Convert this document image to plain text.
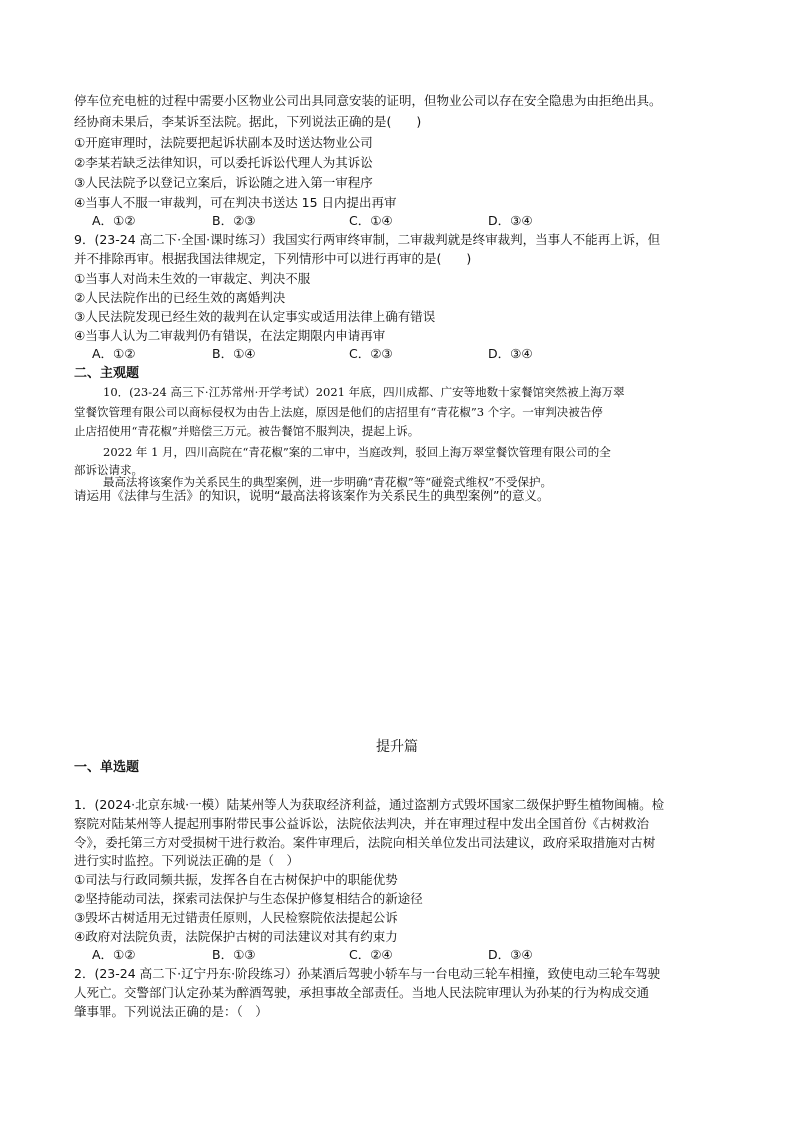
停车位充电桩的过程中需要小区物业公司出具同意安装的证明，但物业公司以存在安全隐患为由拒绝出具。
经协商未果后，李某诉至法院。据此，下列说法正确的是(　　)
①开庭审理时，法院要把起诉状副本及时送达物业公司
②李某若缺乏法律知识，可以委托诉讼代理人为其诉讼
③人民法院予以登记立案后，诉讼随之进入第一审程序
④当事人不服一审裁判，可在判决书送达 15 日内提出再审
A．①②	B．②③	C．①④	D．③④
9．(23-24 高二下·全国·课时练习）我国实行两审终审制，二审裁判就是终审裁判，当事人不能再上诉，但
并不排除再审。根据我国法律规定，下列情形中可以进行再审的是(　　)
①当事人对尚未生效的一审裁定、判决不服
②人民法院作出的已经生效的离婚判决
③人民法院发现已经生效的裁判在认定事实或适用法律上确有错误
④当事人认为二审裁判仍有错误，在法定期限内申请再审
A．①②	B．①④	C．②③	D．③④
二、主观题
10．(23-24 高三下·江苏常州·开学考试）2021 年底，四川成都、广安等地数十家餐馆突然被上海万翠
堂餐饮管理有限公司以商标侵权为由告上法庭，原因是他们的店招里有“青花椒”3 个字。一审判决被告停
止店招使用“青花椒”并赔偿三万元。被告餐馆不服判决，提起上诉。
2022 年 1 月，四川高院在“青花椒”案的二审中，当庭改判，驳回上海万翠堂餐饮管理有限公司的全
部诉讼请求。
最高法将该案作为关系民生的典型案例，进一步明确“青花椒”等“碰瓷式维权”不受保护。
请运用《法律与生活》的知识，说明“最高法将该案作为关系民生的典型案例”的意义。
提升篇
一、单选题
1．(2024·北京东城·一模）陆某州等人为获取经济利益，通过盗割方式毁坏国家二级保护野生植物闽楠。检
察院对陆某州等人提起刑事附带民事公益诉讼，法院依法判决，并在审理过程中发出全国首份《古树救治
令》，委托第三方对受损树干进行救治。案件审理后，法院向相关单位发出司法建议，政府采取措施对古树
进行实时监控。下列说法正确的是（　）
①司法与行政同频共振，发挥各自在古树保护中的职能优势
②坚持能动司法，探索司法保护与生态保护修复相结合的新途径
③毁坏古树适用无过错责任原则，人民检察院依法提起公诉
④政府对法院负责，法院保护古树的司法建议对其有约束力
A．①②	B．①③	C．②④	D．③④
2．(23-24 高二下·辽宁丹东·阶段练习）孙某酒后驾驶小轿车与一台电动三轮车相撞，致使电动三轮车驾驶
人死亡。交警部门认定孙某为醉酒驾驶，承担事故全部责任。当地人民法院审理认为孙某的行为构成交通
肇事罪。下列说法正确的是：（　）
